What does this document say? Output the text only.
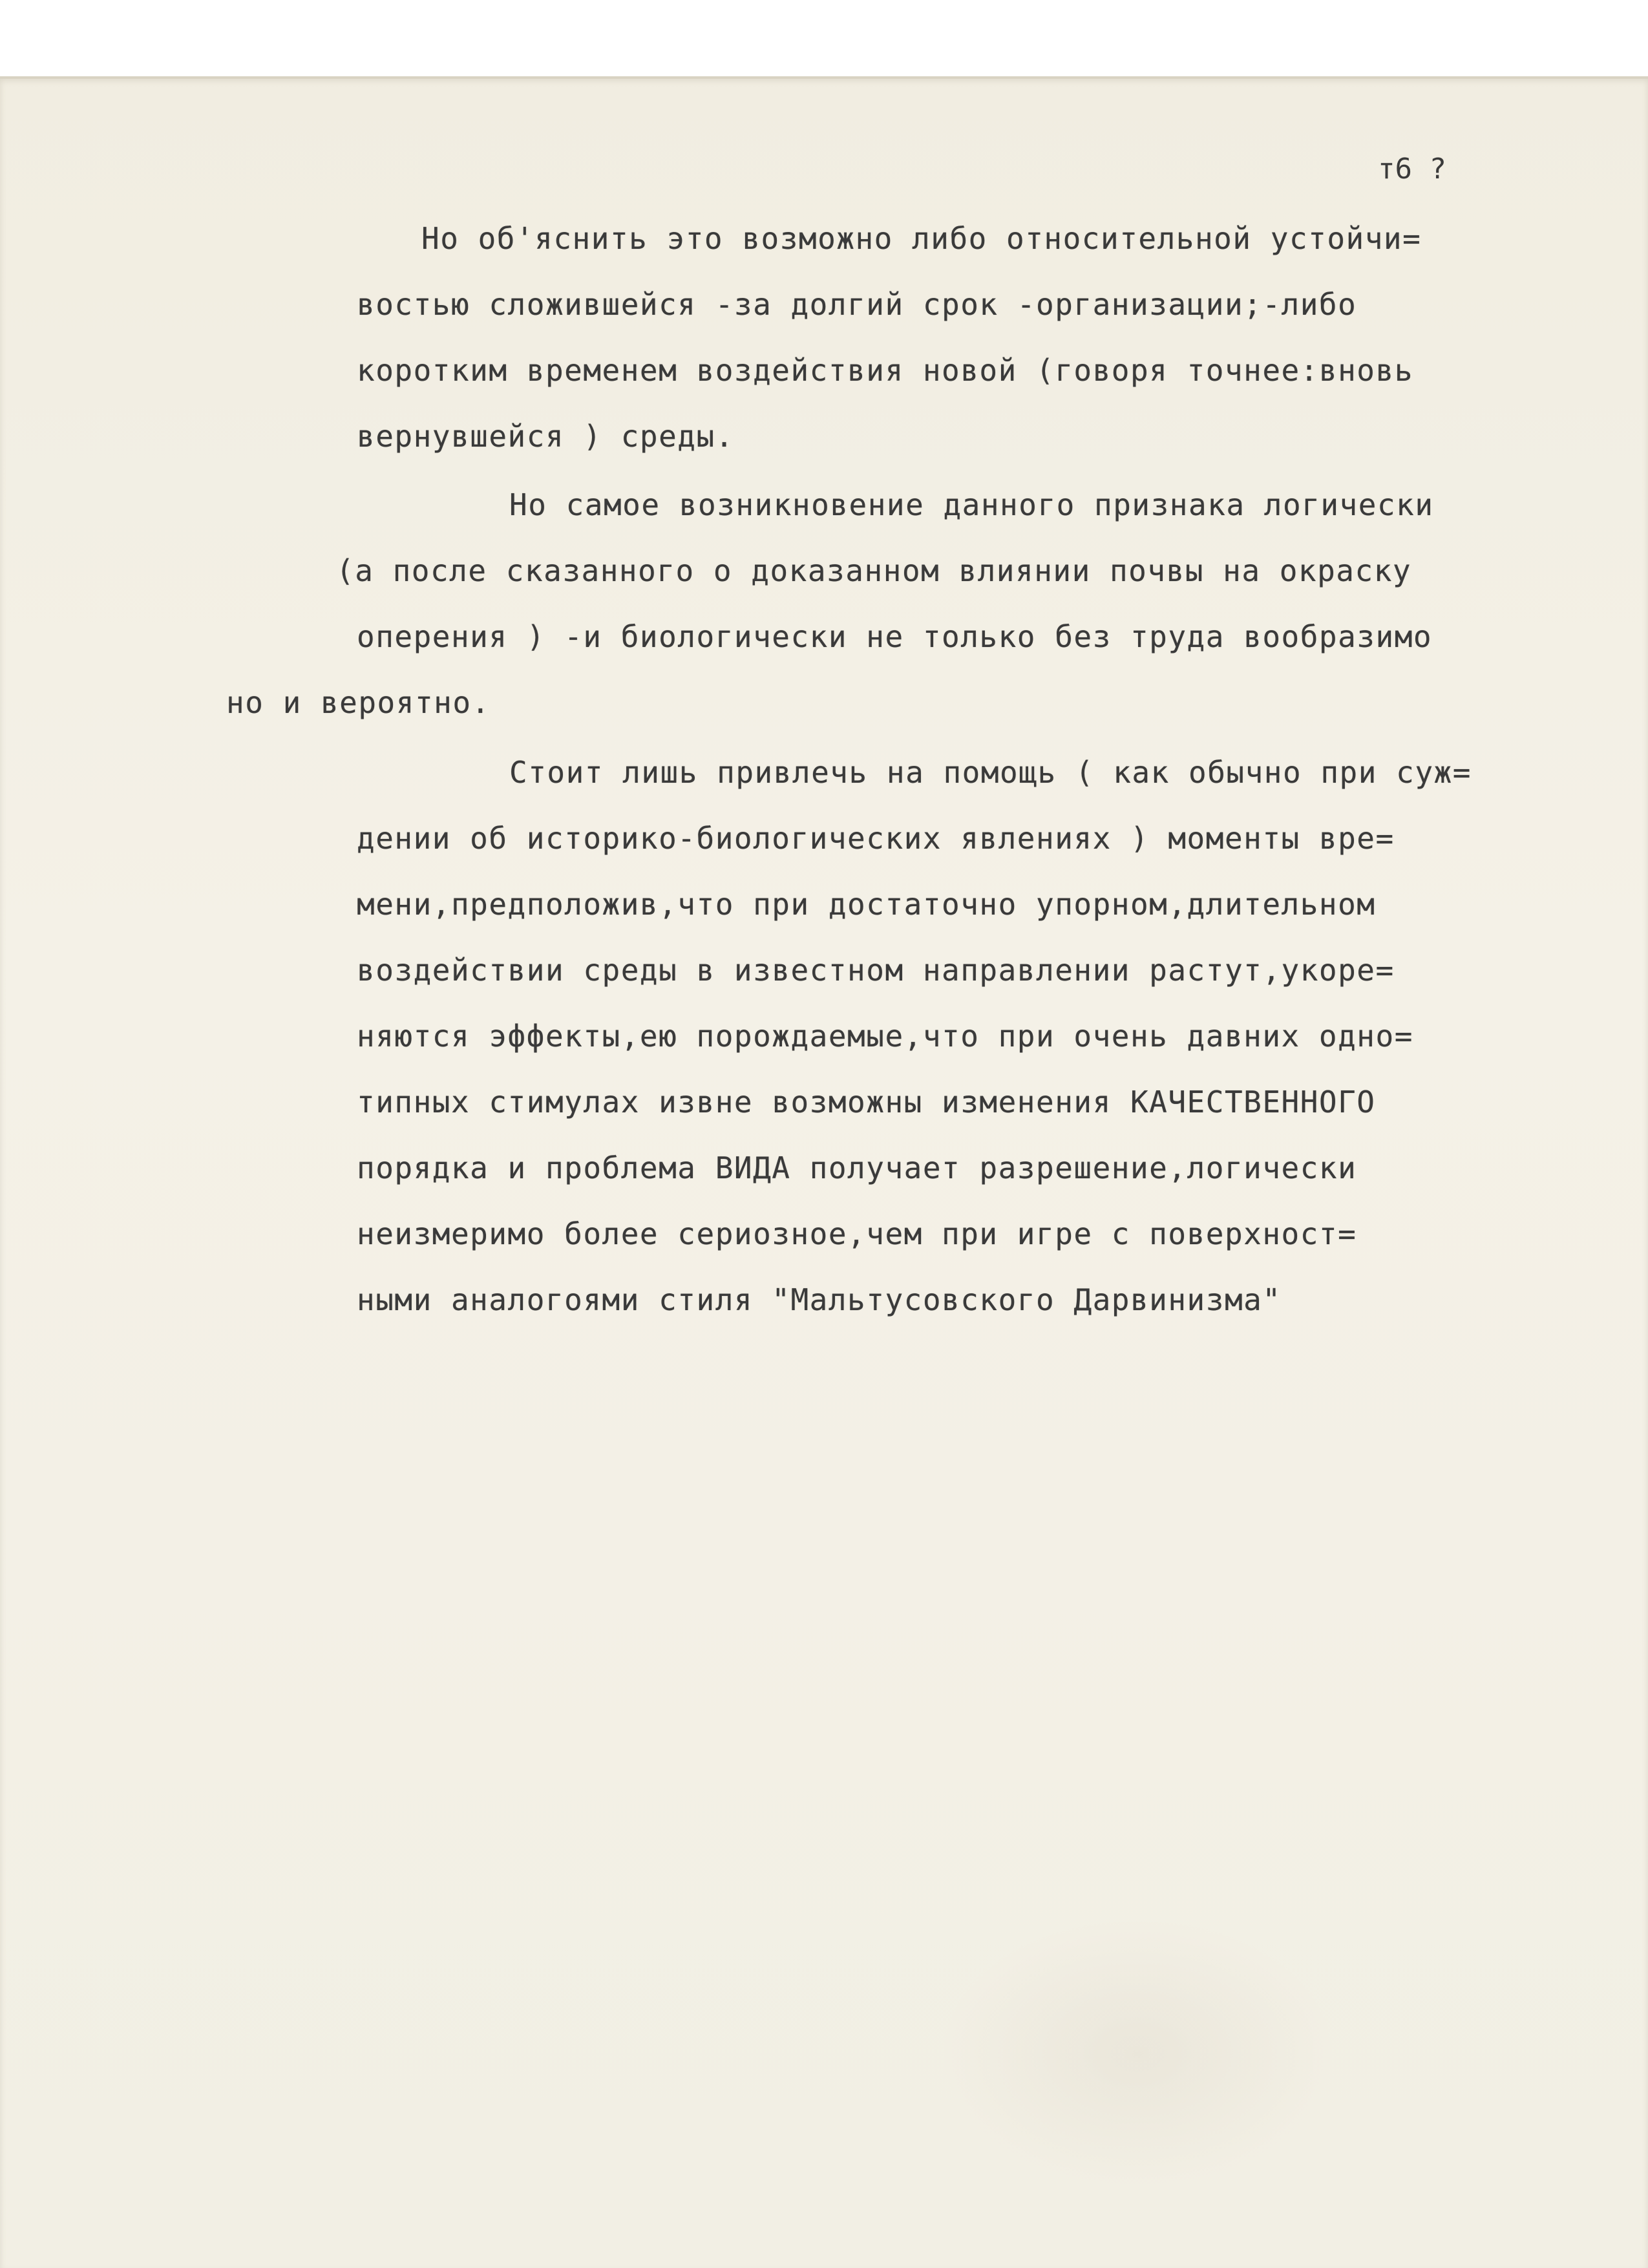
т6 ?
Но об'яснить это возможно либо относительной устойчи=
востью сложившейся -за долгий срок -организации;-либо
коротким временем воздействия новой (говоря точнее:вновь
вернувшейся ) среды.
Но самое возникновение данного признака логически
(а после сказанного о доказанном влиянии почвы на окраску
оперения ) -и биологически не только без труда вообразимо
но и вероятно.
Стоит лишь привлечь на помощь ( как обычно при суж=
дении об историко-биологических явлениях ) моменты вре=
мени,предположив,что при достаточно упорном,длительном
воздействии среды в известном направлении растут,укоре=
няются эффекты,ею порождаемые,что при очень давних одно=
типных стимулах извне возможны изменения КАЧЕСТВЕННОГО
порядка и проблема ВИДА получает разрешение,логически
неизмеримо более сериозное,чем при игре с поверхност=
ными аналогоями стиля "Мальтусовского Дарвинизма"
